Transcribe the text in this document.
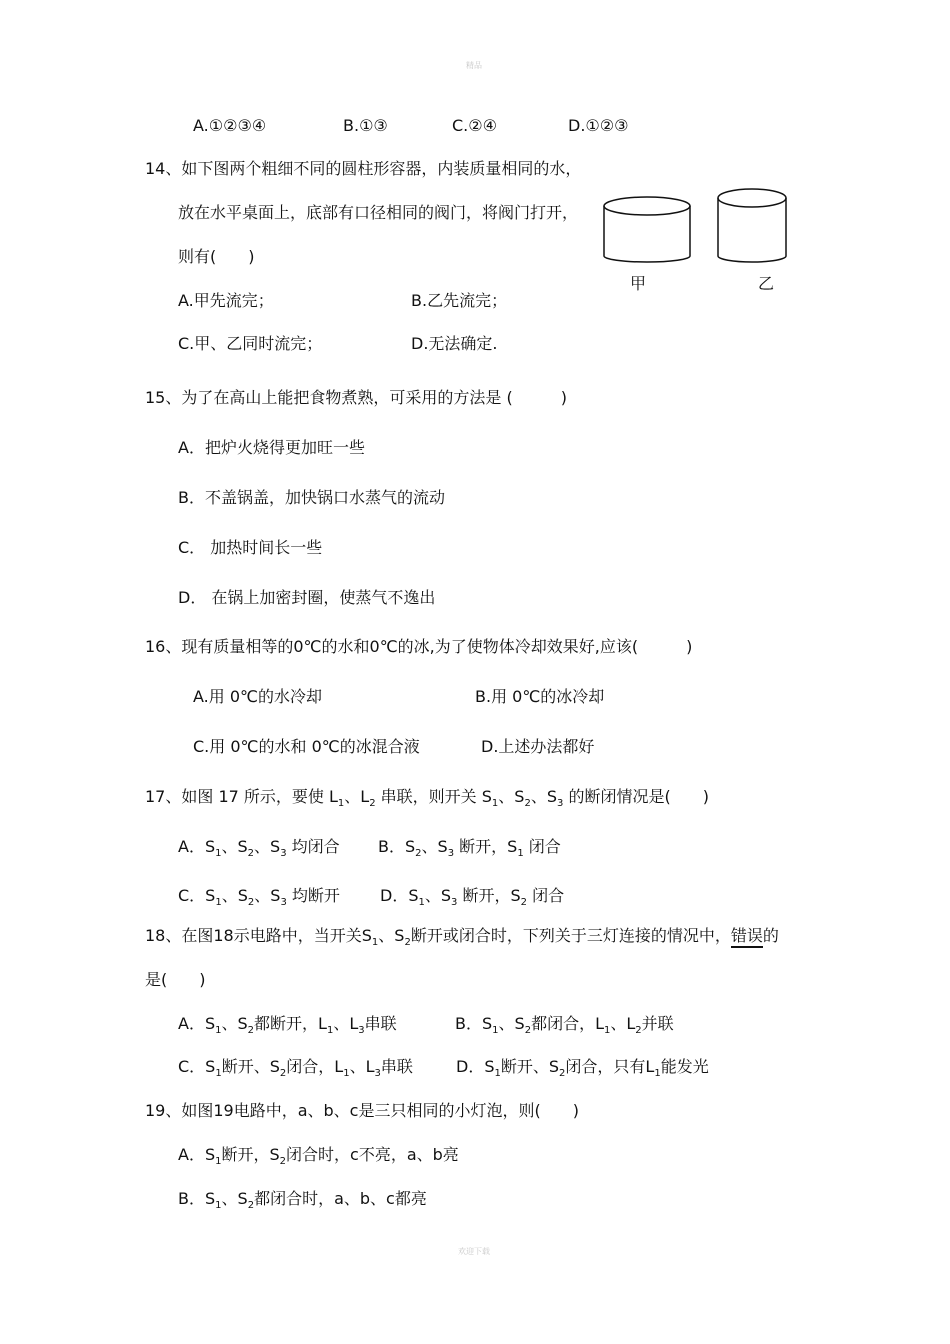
精品
欢迎下载
A.①②③④	B.①③	C.②④	D.①②③
14、如下图两个粗细不同的圆柱形容器，内装质量相同的水，
放在水平桌面上，底部有口径相同的阀门，将阀门打开，
则有(　　)
A.甲先流完；	B.乙先流完；
C.甲、乙同时流完；	D.无法确定.
甲	乙
15、为了在高山上能把食物煮熟，可采用的方法是 (　　　)
A．把炉火烧得更加旺一些
B．不盖锅盖，加快锅口水蒸气的流动
C． 加热时间长一些
D． 在锅上加密封圈，使蒸气不逸出
16、现有质量相等的0℃的水和0℃的冰,为了使物体冷却效果好,应该(　　　)
A.用 0℃的水冷却	B.用 0℃的冰冷却
C.用 0℃的水和 0℃的冰混合液	D.上述办法都好
17、如图 17 所示，要使 $L_1$、$L_2$ 串联，则开关 $S_1$、$S_2$、$S_3$ 的断闭情况是(　　)
A．$S_1$、$S_2$、$S_3$ 均闭合 B．$S_2$、$S_3$ 断开，$S_1$ 闭合
C．$S_1$、$S_2$、$S_3$ 均断开	D．$S_1$、$S_3$ 断开，$S_2$ 闭合
18、在图18示电路中，当开关$S_1$、$S_2$断开或闭合时，下列关于三灯连接的情况中，错误的
是(　　)
A．$S_1$、$S_2$都断开，$L_1$、$L_3$串联	B．$S_1$、$S_2$都闭合，$L_1$、$L_2$并联
C．$S_1$断开、$S_2$闭合，$L_1$、$L_3$串联	D．$S_1$断开、$S_2$闭合，只有$L_1$能发光
19、如图19电路中，a、b、c是三只相同的小灯泡，则(　　)
A．$S_1$断开，$S_2$闭合时，c不亮，a、b亮
B．$S_1$、$S_2$都闭合时，a、b、c都亮
